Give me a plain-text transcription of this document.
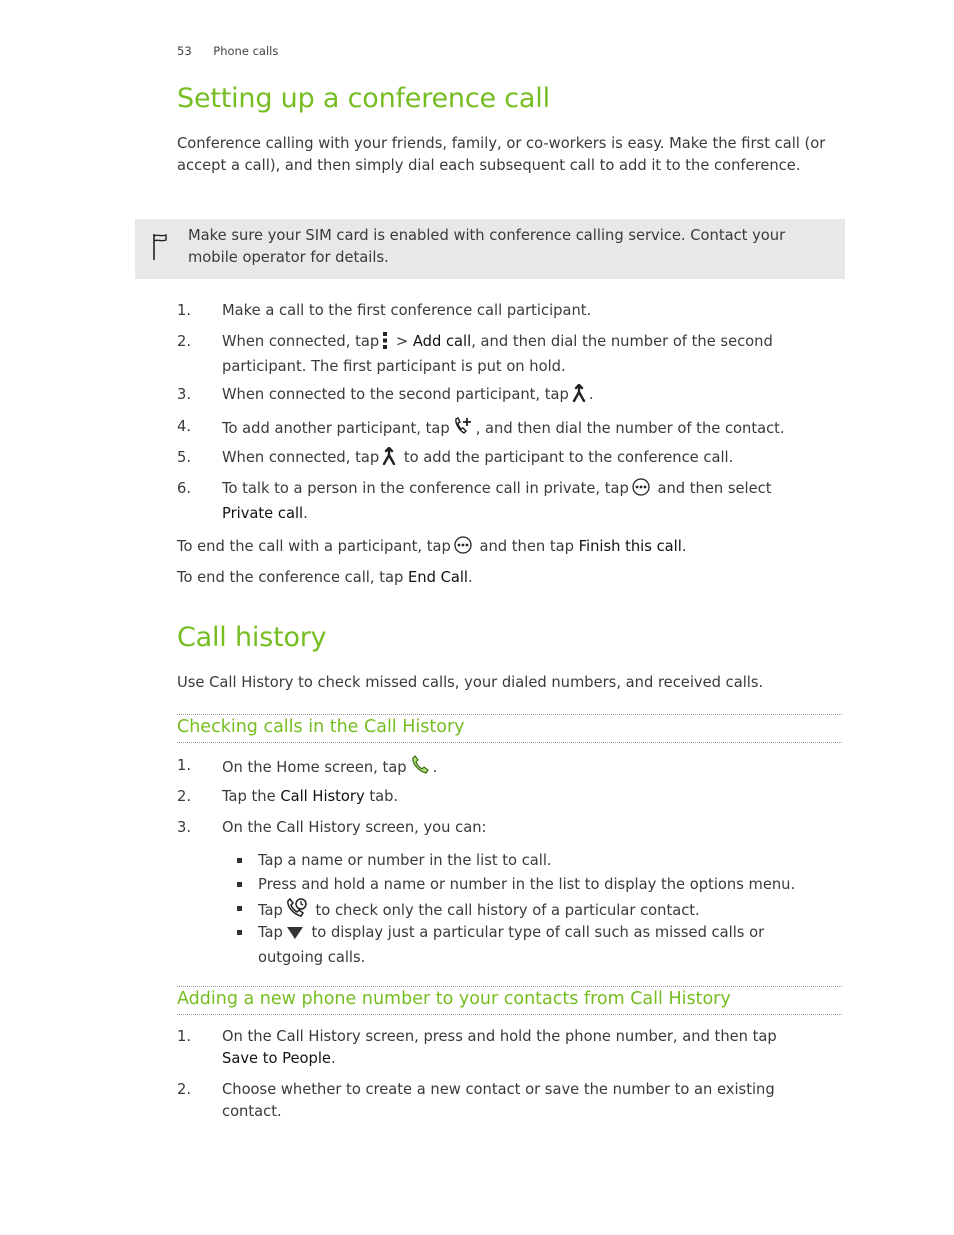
53 Phone calls
Setting up a conference call
Conference calling with your friends, family, or co-workers is easy. Make the first call (or accept a call), and then simply dial each subsequent call to add it to the conference.
Make sure your SIM card is enabled with conference calling service. Contact your mobile operator for details.
1. Make a call to the first conference call participant.
2. When connected, tap > Add call, and then dial the number of the second participant. The first participant is put on hold.
3. When connected to the second participant, tap .
4. To add another participant, tap , and then dial the number of the contact.
5. When connected, tap to add the participant to the conference call.
6. To talk to a person in the conference call in private, tap and then select Private call.
To end the call with a participant, tap and then tap Finish this call.
To end the conference call, tap End Call.
Call history
Use Call History to check missed calls, your dialed numbers, and received calls.
Checking calls in the Call History
1. On the Home screen, tap .
2. Tap the Call History tab.
3. On the Call History screen, you can:
Tap a name or number in the list to call.
Press and hold a name or number in the list to display the options menu.
Tap to check only the call history of a particular contact.
Tap to display just a particular type of call such as missed calls or outgoing calls.
Adding a new phone number to your contacts from Call History
1. On the Call History screen, press and hold the phone number, and then tap Save to People.
2. Choose whether to create a new contact or save the number to an existing contact.
